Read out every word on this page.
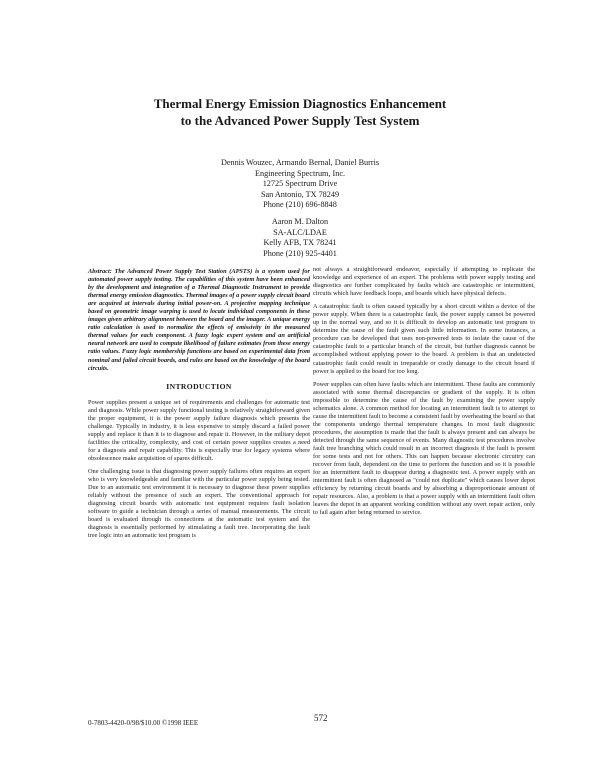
Thermal Energy Emission Diagnostics Enhancement
to the Advanced Power Supply Test System
Dennis Wouzec, Armando Bernal, Daniel Burris
Engineering Spectrum, Inc.
12725 Spectrum Drive
San Antonio, TX 78249
Phone (210) 696-8848
Aaron M. Dalton
SA-ALC/LDAE
Kelly AFB, TX 78241
Phone (210) 925-4401

Abstract: The Advanced Power Supply Test Station (APSTS) is a system used for automated power supply testing. The capabilities of this system have been enhanced by the development and integration of a Thermal Diagnostic Instrument to provide thermal energy emission diagnostics. Thermal images of a power supply circuit board are acquired at intervals during initial power-on. A projective mapping technique based on geometric image warping is used to locate individual components in these images given arbitrary alignment between the board and the imager. A unique energy ratio calculation is used to normalize the effects of emissivity in the measured thermal values for each component. A fuzzy logic expert system and an artificial neural network are used to compute likelihood of failure estimates from these energy ratio values. Fuzzy logic membership functions are based on experimental data from nominal and failed circuit boards, and rules are based on the knowledge of the board circuits.

INTRODUCTION

Power supplies present a unique set of requirements and challenges for automatic test and diagnosis. While power supply functional testing is relatively straightforward given the proper equipment, it is the power supply failure diagnosis which presents the challenge. Typically in industry, it is less expensive to simply discard a failed power supply and replace it than it is to diagnose and repair it. However, in the military depot facilities the criticality, complexity, and cost of certain power supplies creates a need for a diagnosis and repair capability. This is especially true for legacy systems where obsolescence make acquisition of spares difficult.

One challenging issue is that diagnosing power supply failures often requires an expert who is very knowledgeable and familiar with the particular power supply being tested. Due to an automatic test environment it is necessary to diagnose these power supplies reliably without the presence of such an expert. The conventional approach for diagnosing circuit boards with automatic test equipment requires fault isolation software to guide a technician through a series of manual measurements. The circuit board is evaluated through its connections at the automatic test system and the diagnosis is essentially performed by stimulating a fault tree. Incorporating the fault tree logic into an automatic test program is

not always a straightforward endeavor, especially if attempting to replicate the knowledge and experience of an expert. The problems with power supply testing and diagnostics are further complicated by faults which are catastrophic or intermittent, circuits which have feedback loops, and boards which have physical defects.

A catastrophic fault is often caused typically by a short circuit within a device of the power supply. When there is a catastrophic fault, the power supply cannot be powered up in the normal way, and so it is difficult to develop an automatic test program to determine the cause of the fault given such little information. In some instances, a procedure can be developed that uses non-powered tests to isolate the cause of the catastrophic fault to a particular branch of the circuit, but further diagnosis cannot be accomplished without applying power to the board. A problem is that an undetected catastrophic fault could result in irreparable or costly damage to the circuit board if power is applied to the board for too long.

Power supplies can often have faults which are intermittent. These faults are commonly associated with some thermal discrepancies or gradient of the supply. It is often impossible to determine the cause of the fault by examining the power supply schematics alone. A common method for locating an intermittent fault is to attempt to cause the intermittent fault to become a consistent fault by overheating the board so that the components undergo thermal temperature changes. In most fault diagnostic procedures, the assumption is made that the fault is always present and can always be detected through the same sequence of events. Many diagnostic test procedures involve fault tree branching which could result in an incorrect diagnosis if the fault is present for some tests and not for others. This can happen because electronic circuitry can recover from fault, dependent on the time to perform the function and so it is possible for an intermittent fault to disappear during a diagnostic test. A power supply with an intermittent fault is often diagnosed as "could not duplicate" which causes lower depot efficiency by returning circuit boards and by absorbing a disproportionate amount of repair resources. Also, a problem is that a power supply with an intermittent fault often leaves the depot in an apparent working condition without any overt repair action, only to fail again after being returned to service.

0-7803-4420-0/98/$10.00 ©1998 IEEE	572
